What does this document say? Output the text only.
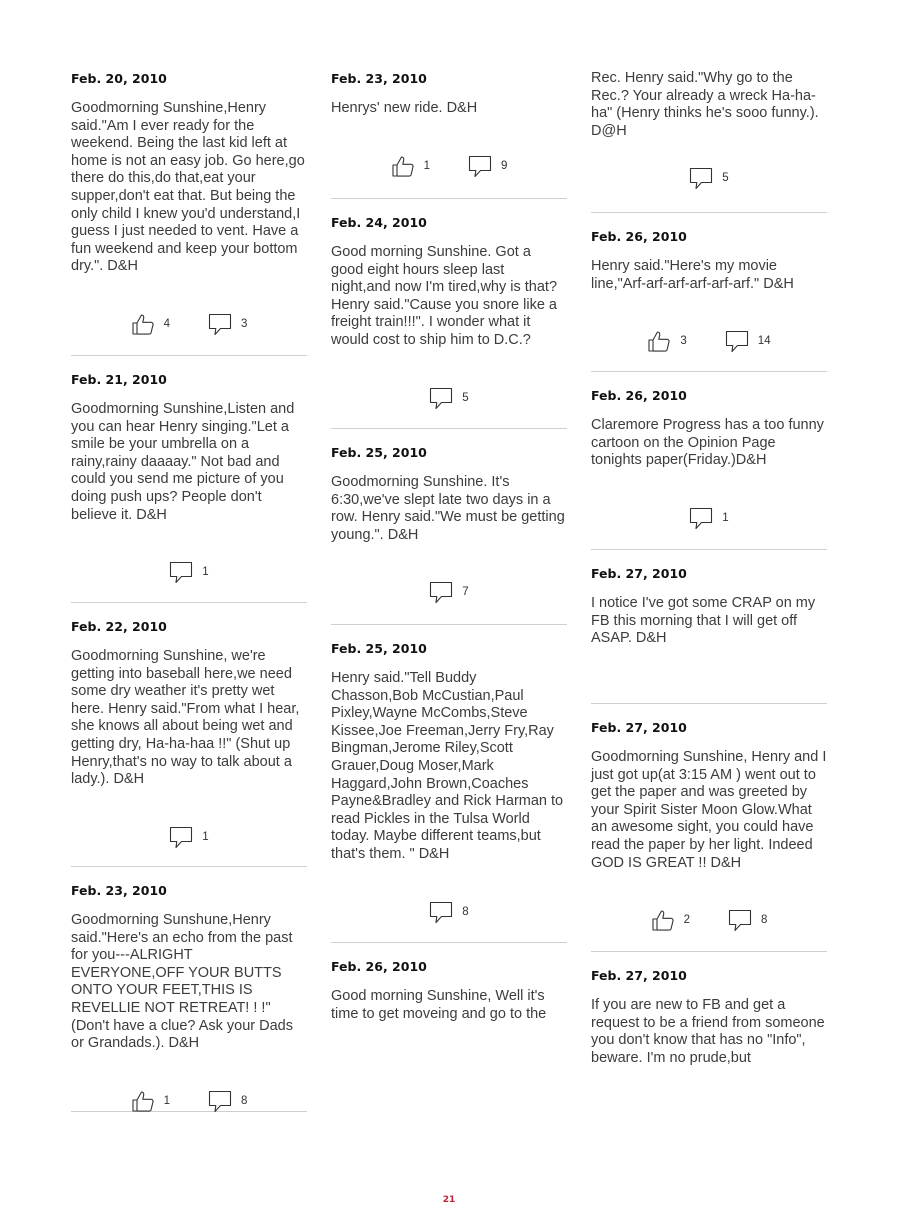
Feb. 20, 2010

Goodmorning Sunshine,Henry said."Am I ever ready for the weekend. Being the last kid left at home is not an easy job. Go here,go there do this,do that,eat your supper,don't eat that. But being the only child I knew you'd understand,I guess I just needed to vent. Have a fun weekend and keep your bottom dry.". D&H

4	3
Feb. 21, 2010

Goodmorning Sunshine,Listen and you can hear Henry singing."Let a smile be your umbrella on a rainy,rainy daaaay." Not bad and could you send me picture of you doing push ups? People don't believe it. D&H

1
Feb. 22, 2010

Goodmorning Sunshine, we're getting into baseball here,we need some dry weather it's pretty wet here. Henry said."From what I hear, she knows all about being wet and getting dry, Ha-ha-haa !!" (Shut up Henry,that's no way to talk about a lady.). D&H

1
Feb. 23, 2010

Goodmorning Sunshune,Henry said."Here's an echo from the past for you---ALRIGHT EVERYONE,OFF YOUR BUTTS ONTO YOUR FEET,THIS IS REVELLIE NOT RETREAT! ! !" (Don't have a clue? Ask your Dads or Grandads.). D&H

1	8
Feb. 23, 2010

Henrys' new ride. D&H

1	9
Feb. 24, 2010

Good morning Sunshine. Got a good eight hours sleep last night,and now I'm tired,why is that? Henry said."Cause you snore like a freight train!!!". I wonder what it would cost to ship him to D.C.?

5
Feb. 25, 2010

Goodmorning Sunshine. It's 6:30,we've slept late two days in a row. Henry said."We must be getting young.". D&H

7
Feb. 25, 2010

Henry said."Tell Buddy Chasson,Bob McCustian,Paul Pixley,Wayne McCombs,Steve Kissee,Joe Freeman,Jerry Fry,Ray Bingman,Jerome Riley,Scott Grauer,Doug Moser,Mark Haggard,John Brown,Coaches Payne&Bradley and Rick Harman to read Pickles in the Tulsa World today. Maybe different teams,but that's them. " D&H

8
Feb. 26, 2010

Good morning Sunshine, Well it's time to get moveing and go to the

Rec. Henry said."Why go to the Rec.? Your already a wreck Ha-ha-ha" (Henry thinks he's sooo funny.). D@H

5
Feb. 26, 2010

Henry said."Here's my movie line,"Arf-arf-arf-arf-arf-arf." D&H

3	14
Feb. 26, 2010

Claremore Progress has a too funny cartoon on the Opinion Page tonights paper(Friday.)D&H

1
Feb. 27, 2010

I notice I've got some CRAP on my FB this morning that I will get off ASAP. D&H

Feb. 27, 2010

Goodmorning Sunshine, Henry and I just got up(at 3:15 AM ) went out to get the paper and was greeted by your Spirit Sister Moon Glow.What an awesome sight, you could have read the paper by her light. Indeed GOD IS GREAT !! D&H

2	8
Feb. 27, 2010

If you are new to FB and get a request to be a friend from someone you don't know that has no "Info", beware. I'm no prude,but

21
